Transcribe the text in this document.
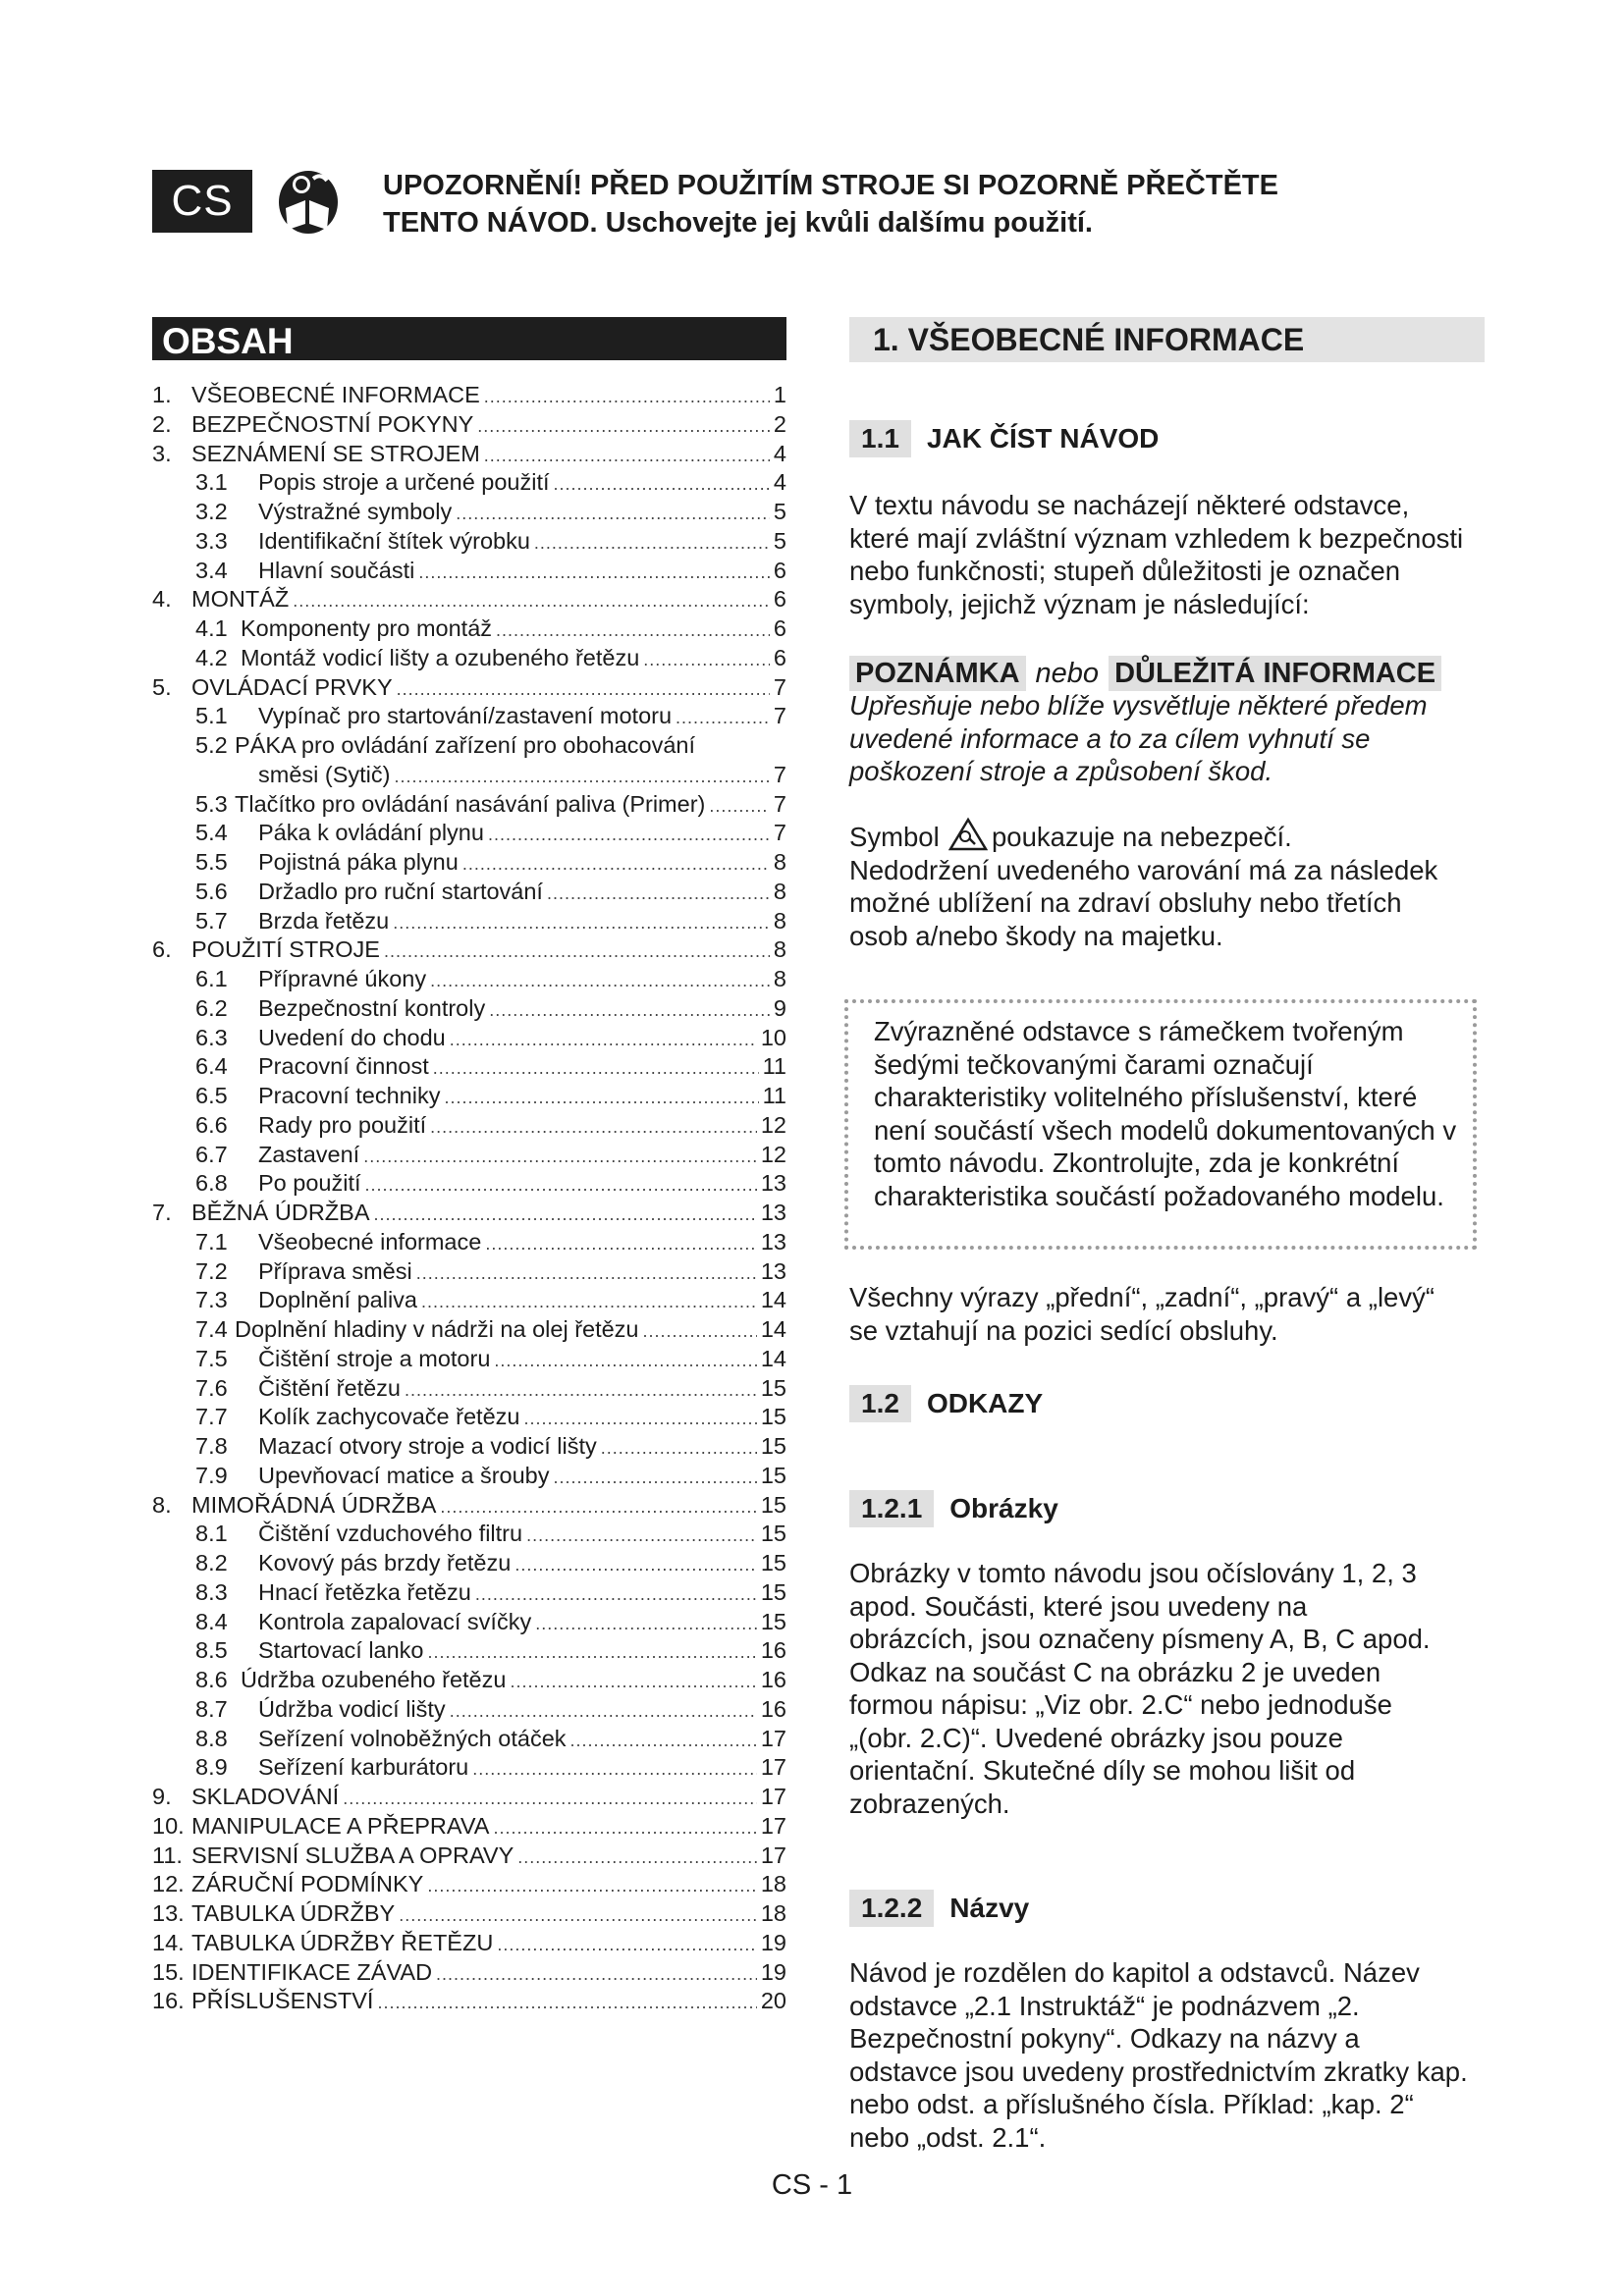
CS	UPOZORNĚNÍ! PŘED POUŽITÍM STROJE SI POZORNĚ PŘEČTĚTE
TENTO NÁVOD. Uschovejte jej kvůli dalšímu použití.
OBSAH
1. VŠEOBECNÉ INFORMACE .....	1
2. BEZPEČNOSTNÍ POKYNY .....	2
3. SEZNÁMENÍ SE STROJEM .....	4
3.1	Popis stroje a určené použití .....	4
3.2	Výstražné symboly .....	5
3.3	Identifikační štítek výrobku .....	5
3.4	Hlavní součásti .....	6
4. MONTÁŽ .....	6
4.1 Komponenty pro montáž .....	6
4.2 Montáž vodicí lišty a ozubeného řetězu .....	6
5. OVLÁDACÍ PRVKY .....	7
5.1	Vypínač pro startování/zastavení motoru .....	7
5.2 PÁKA pro ovládání zařízení pro obohacování
směsi (Sytič) .....	7
5.3 Tlačítko pro ovládání nasávání paliva (Primer) .....	7
5.4	Páka k ovládání plynu .....	7
5.5	Pojistná páka plynu .....	8
5.6	Držadlo pro ruční startování .....	8
5.7	Brzda řetězu .....	8
6. POUŽITÍ STROJE .....	8
6.1	Přípravné úkony .....	8
6.2	Bezpečnostní kontroly .....	9
6.3	Uvedení do chodu .....	10
6.4	Pracovní činnost .....	11
6.5	Pracovní techniky .....	11
6.6	Rady pro použití .....	12
6.7	Zastavení .....	12
6.8	Po použití .....	13
7. BĚŽNÁ ÚDRŽBA .....	13
7.1	Všeobecné informace .....	13
7.2	Příprava směsi .....	13
7.3	Doplnění paliva .....	14
7.4 Doplnění hladiny v nádrži na olej řetězu .....	14
7.5	Čištění stroje a motoru .....	14
7.6	Čištění řetězu .....	15
7.7	Kolík zachycovače řetězu .....	15
7.8	Mazací otvory stroje a vodicí lišty .....	15
7.9	Upevňovací matice a šrouby .....	15
8. MIMOŘÁDNÁ ÚDRŽBA .....	15
8.1	Čištění vzduchového filtru .....	15
8.2	Kovový pás brzdy řetězu .....	15
8.3	Hnací řetězka řetězu .....	15
8.4	Kontrola zapalovací svíčky .....	15
8.5	Startovací lanko .....	16
8.6 Údržba ozubeného řetězu .....	16
8.7	Údržba vodicí lišty .....	16
8.8	Seřízení volnoběžných otáček .....	17
8.9	Seřízení karburátoru .....	17
9. SKLADOVÁNÍ .....	17
10. MANIPULACE A PŘEPRAVA .....	17
11. SERVISNÍ SLUŽBA A OPRAVY .....	17
12. ZÁRUČNÍ PODMÍNKY .....	18
13. TABULKA ÚDRŽBY .....	18
14. TABULKA ÚDRŽBY ŘETĚZU .....	19
15. IDENTIFIKACE ZÁVAD .....	19
16. PŘÍSLUŠENSTVÍ .....	20
1. VŠEOBECNÉ INFORMACE
1.1	JAK ČÍST NÁVOD
V textu návodu se nacházejí některé odstavce, které mají zvláštní význam vzhledem k bezpečnosti nebo funkčnosti; stupeň důležitosti je označen symboly, jejichž význam je následující:
POZNÁMKA nebo DŮLEŽITÁ INFORMACE
Upřesňuje nebo blíže vysvětluje některé předem uvedené informace a to za cílem vyhnutí se poškození stroje a způsobení škod.
Symbol poukazuje na nebezpečí.
Nedodržení uvedeného varování má za následek možné ublížení na zdraví obsluhy nebo třetích osob a/nebo škody na majetku.
Zvýrazněné odstavce s rámečkem tvořeným šedými tečkovanými čarami označují charakteristiky volitelného příslušenství, které není součástí všech modelů dokumentovaných v tomto návodu. Zkontrolujte, zda je konkrétní charakteristika součástí požadovaného modelu.
Všechny výrazy „přední“, „zadní“, „pravý“ a „levý“ se vztahují na pozici sedící obsluhy.
1.2	ODKAZY
1.2.1	Obrázky
Obrázky v tomto návodu jsou očíslovány 1, 2, 3 apod. Součásti, které jsou uvedeny na obrázcích, jsou označeny písmeny A, B, C apod. Odkaz na součást C na obrázku 2 je uveden formou nápisu: „Viz obr. 2.C“ nebo jednoduše „(obr. 2.C)“. Uvedené obrázky jsou pouze orientační. Skutečné díly se mohou lišit od zobrazených.
1.2.2	Názvy
Návod je rozdělen do kapitol a odstavců. Název odstavce „2.1 Instruktáž“ je podnázvem „2. Bezpečnostní pokyny“. Odkazy na názvy a odstavce jsou uvedeny prostřednictvím zkratky kap. nebo odst. a příslušného čísla. Příklad: „kap. 2“ nebo „odst. 2.1“.
CS - 1
